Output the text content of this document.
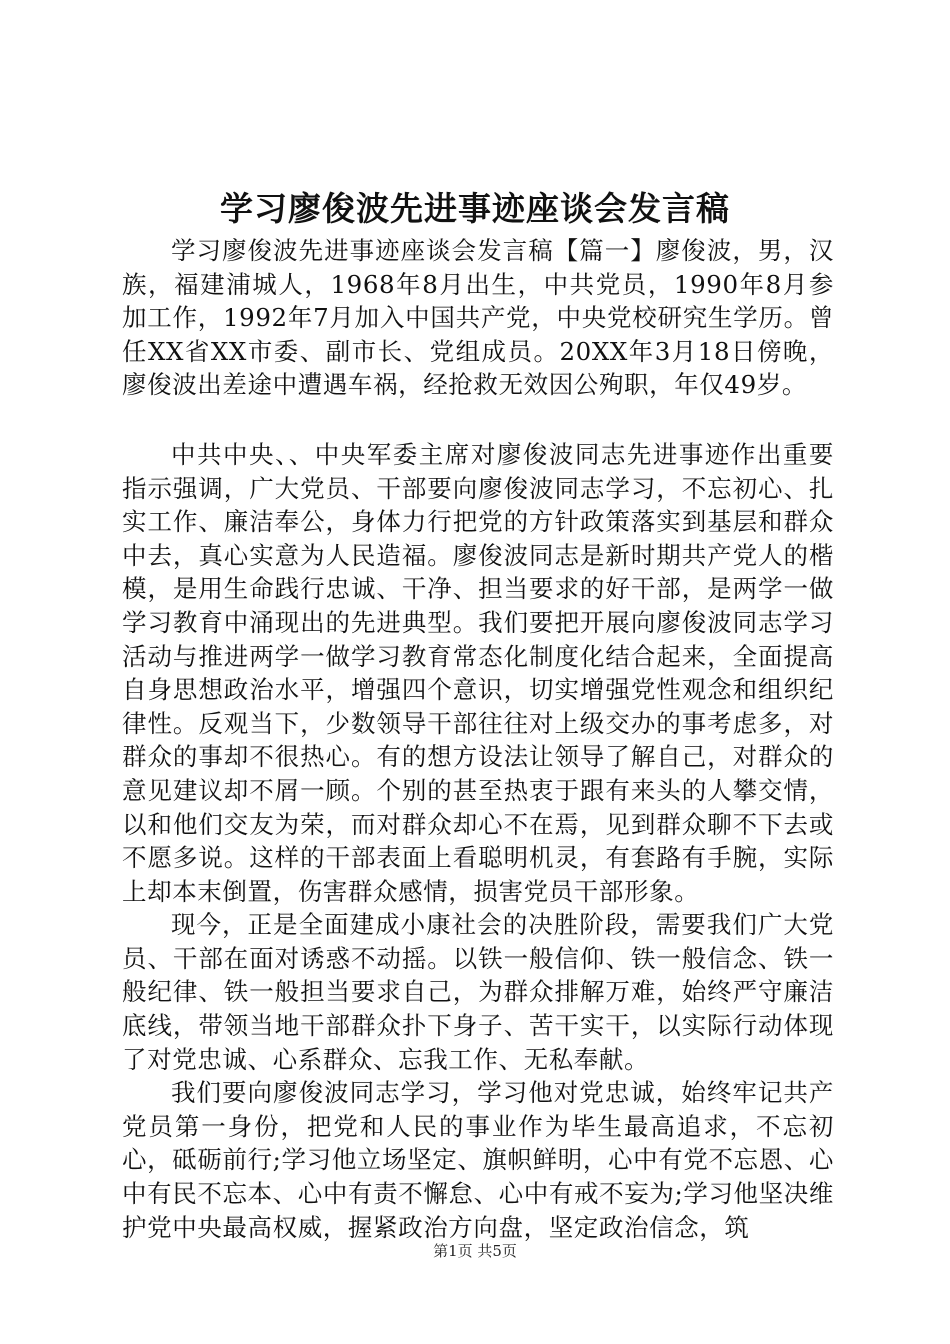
学习廖俊波先进事迹座谈会发言稿

学习廖俊波先进事迹座谈会发言稿【篇一】廖俊波，男，汉族，福建浦城人，1968年8月出生，中共党员，1990年8月参加工作，1992年7月加入中国共产党，中央党校研究生学历。曾任XX省XX市委、副市长、党组成员。20XX年3月18日傍晚，廖俊波出差途中遭遇车祸，经抢救无效因公殉职，年仅49岁。

中共中央、、中央军委主席对廖俊波同志先进事迹作出重要指示强调，广大党员、干部要向廖俊波同志学习，不忘初心、扎实工作、廉洁奉公，身体力行把党的方针政策落实到基层和群众中去，真心实意为人民造福。廖俊波同志是新时期共产党人的楷模，是用生命践行忠诚、干净、担当要求的好干部，是两学一做学习教育中涌现出的先进典型。我们要把开展向廖俊波同志学习活动与推进两学一做学习教育常态化制度化结合起来，全面提高自身思想政治水平，增强四个意识，切实增强党性观念和组织纪律性。反观当下，少数领导干部往往对上级交办的事考虑多，对群众的事却不很热心。有的想方设法让领导了解自己，对群众的意见建议却不屑一顾。个别的甚至热衷于跟有来头的人攀交情，以和他们交友为荣，而对群众却心不在焉，见到群众聊不下去或不愿多说。这样的干部表面上看聪明机灵，有套路有手腕，实际上却本末倒置，伤害群众感情，损害党员干部形象。

现今，正是全面建成小康社会的决胜阶段，需要我们广大党员、干部在面对诱惑不动摇。以铁一般信仰、铁一般信念、铁一般纪律、铁一般担当要求自己，为群众排解万难，始终严守廉洁底线，带领当地干部群众扑下身子、苦干实干，以实际行动体现了对党忠诚、心系群众、忘我工作、无私奉献。

我们要向廖俊波同志学习，学习他对党忠诚，始终牢记共产党员第一身份，把党和人民的事业作为毕生最高追求，不忘初心，砥砺前行;学习他立场坚定、旗帜鲜明，心中有党不忘恩、心中有民不忘本、心中有责不懈怠、心中有戒不妄为;学习他坚决维护党中央最高权威，握紧政治方向盘，坚定政治信念，筑

第1页 共5页
